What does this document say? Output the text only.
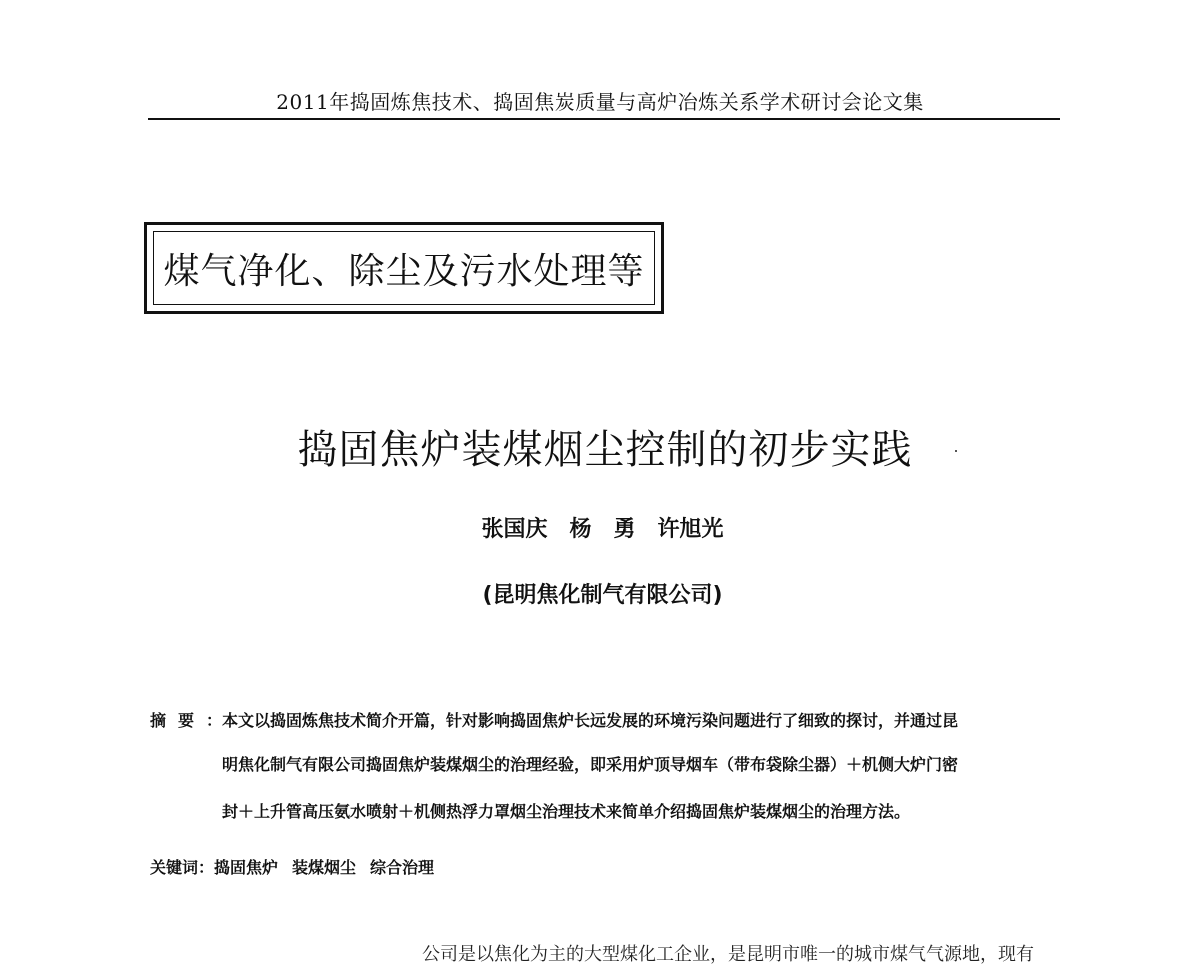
2011年捣固炼焦技术、捣固焦炭质量与高炉冶炼关系学术研讨会论文集
煤气净化、除尘及污水处理等
捣固焦炉装煤烟尘控制的初步实践
张国庆　杨　勇　许旭光
(昆明焦化制气有限公司)
摘要：
本文以捣固炼焦技术简介开篇，针对影响捣固焦炉长远发展的环境污染问题进行了细致的探讨，并通过昆
明焦化制气有限公司捣固焦炉装煤烟尘的治理经验，即采用炉顶导烟车（带布袋除尘器）＋机侧大炉门密
封＋上升管高压氨水喷射＋机侧热浮力罩烟尘治理技术来简单介绍捣固焦炉装煤烟尘的治理方法。
关键词：捣固焦炉 装煤烟尘 综合治理
公司是以焦化为主的大型煤化工企业，是昆明市唯一的城市煤气气源地，现有
